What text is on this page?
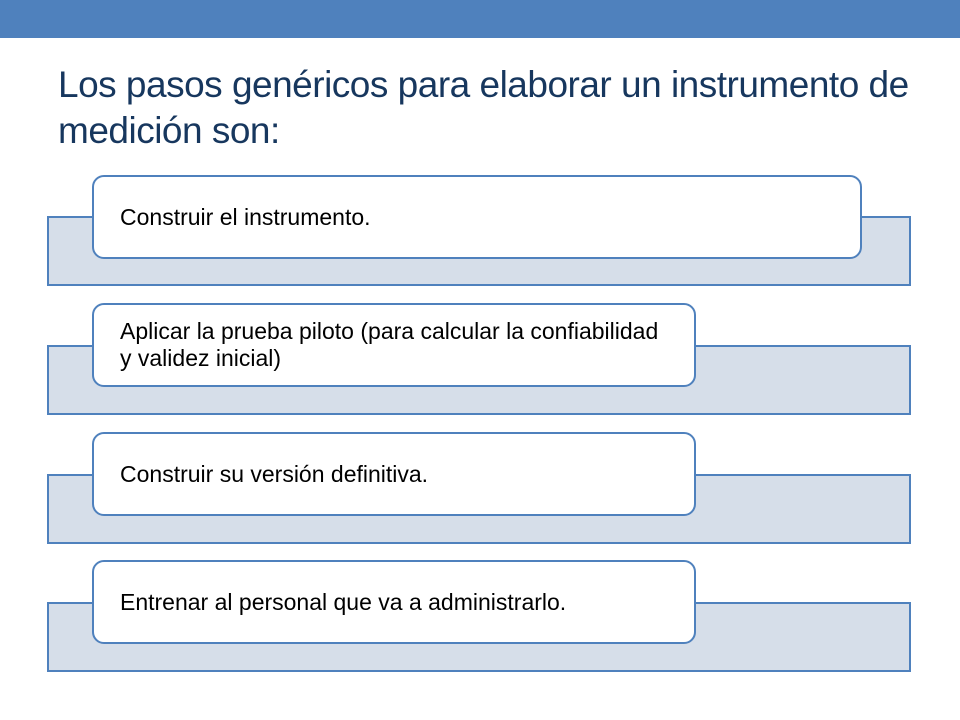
Los pasos genéricos para elaborar un instrumento de medición son:
Construir el instrumento.
Aplicar la prueba piloto (para calcular la confiabilidad y validez inicial)
Construir su versión definitiva.
Entrenar al personal que va a administrarlo.
